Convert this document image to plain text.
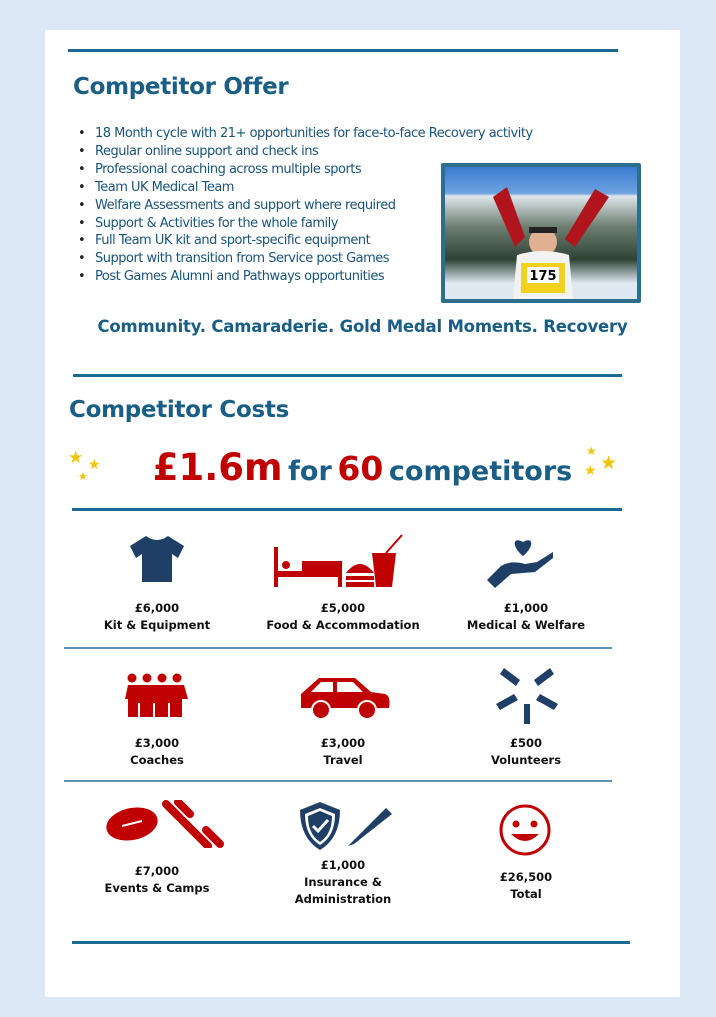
Competitor Offer
• 18 Month cycle with 21+ opportunities for face-to-face Recovery activity
• Regular online support and check ins
• Professional coaching across multiple sports
• Team UK Medical Team
• Welfare Assessments and support where required
• Support & Activities for the whole family
• Full Team UK kit and sport-specific equipment
• Support with transition from Service post Games
• Post Games Alumni and Pathways opportunities	175
Community. Camaraderie. Gold Medal Moments. Recovery
Competitor Costs
★ ★
★
★
★
★
£1.6m for 60 competitors
£6,000
Kit & Equipment
£5,000
Food & Accommodation
£1,000
Medical & Welfare
£3,000
Coaches
£3,000
Travel
£500
Volunteers
£7,000
Events & Camps
£1,000
Insurance &
Administration
£26,500
Total
